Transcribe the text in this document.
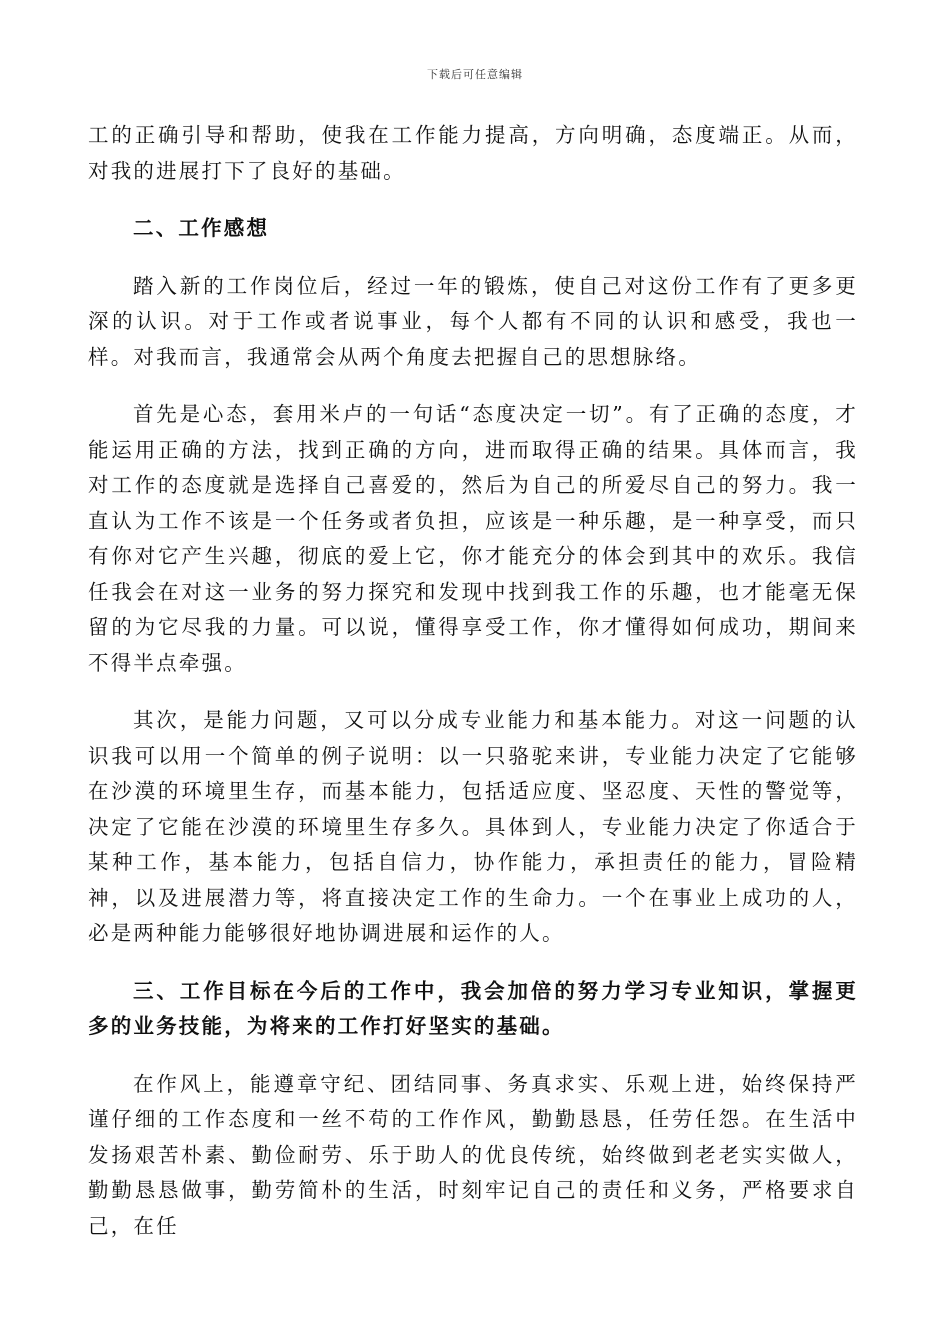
下载后可任意编辑

工的正确引导和帮助，使我在工作能力提高，方向明确，态度端正。从而，对我的进展打下了良好的基础。

二、工作感想

踏入新的工作岗位后，经过一年的锻炼，使自己对这份工作有了更多更深的认识。对于工作或者说事业，每个人都有不同的认识和感受，我也一样。对我而言，我通常会从两个角度去把握自己的思想脉络。

首先是心态，套用米卢的一句话“态度决定一切”。有了正确的态度，才能运用正确的方法，找到正确的方向，进而取得正确的结果。具体而言，我对工作的态度就是选择自己喜爱的，然后为自己的所爱尽自己的努力。我一直认为工作不该是一个任务或者负担，应该是一种乐趣，是一种享受，而只有你对它产生兴趣，彻底的爱上它，你才能充分的体会到其中的欢乐。我信任我会在对这一业务的努力探究和发现中找到我工作的乐趣，也才能毫无保留的为它尽我的力量。可以说，懂得享受工作，你才懂得如何成功，期间来不得半点牵强。

其次，是能力问题，又可以分成专业能力和基本能力。对这一问题的认识我可以用一个简单的例子说明：以一只骆驼来讲，专业能力决定了它能够在沙漠的环境里生存，而基本能力，包括适应度、坚忍度、天性的警觉等，决定了它能在沙漠的环境里生存多久。具体到人，专业能力决定了你适合于某种工作，基本能力，包括自信力，协作能力，承担责任的能力，冒险精神，以及进展潜力等，将直接决定工作的生命力。一个在事业上成功的人，必是两种能力能够很好地协调进展和运作的人。

三、工作目标在今后的工作中，我会加倍的努力学习专业知识，掌握更多的业务技能，为将来的工作打好坚实的基础。

在作风上，能遵章守纪、团结同事、务真求实、乐观上进，始终保持严谨仔细的工作态度和一丝不苟的工作作风，勤勤恳恳，任劳任怨。在生活中发扬艰苦朴素、勤俭耐劳、乐于助人的优良传统，始终做到老老实实做人，勤勤恳恳做事，勤劳简朴的生活，时刻牢记自己的责任和义务，严格要求自己，在任
